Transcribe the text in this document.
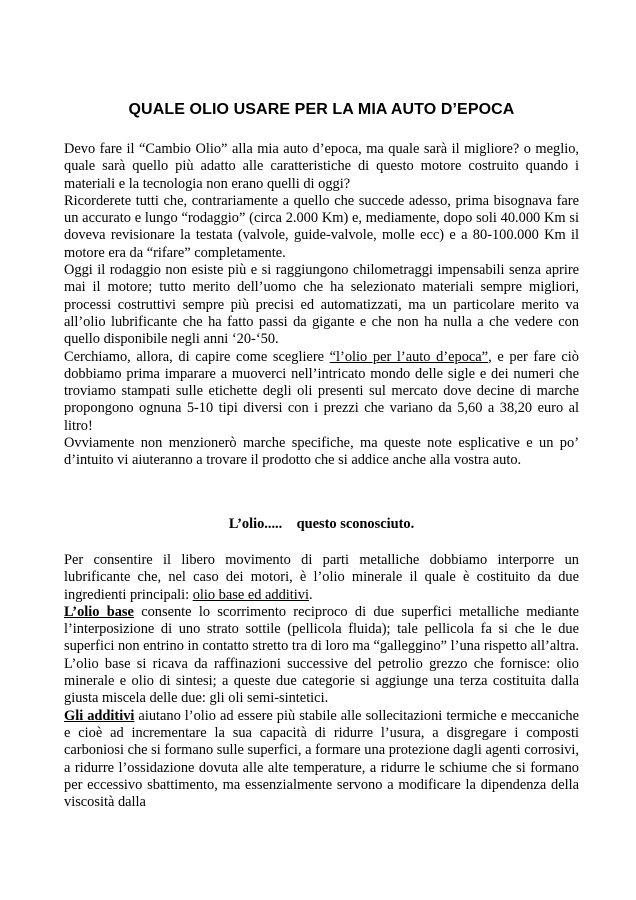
QUALE OLIO USARE PER LA MIA AUTO D’EPOCA

Devo fare il “Cambio Olio” alla mia auto d’epoca, ma quale sarà il migliore? o meglio, quale sarà quello più adatto alle caratteristiche di questo motore costruito quando i materiali e la tecnologia non erano quelli di oggi?

Ricorderete tutti che, contrariamente a quello che succede adesso, prima bisognava fare un accurato e lungo “rodaggio” (circa 2.000 Km) e, mediamente, dopo soli 40.000 Km si doveva revisionare la testata (valvole, guide-valvole, molle ecc) e a 80-100.000 Km il motore era da “rifare” completamente.

Oggi il rodaggio non esiste più e si raggiungono chilometraggi impensabili senza aprire mai il motore; tutto merito dell’uomo che ha selezionato materiali sempre migliori, processi costruttivi sempre più precisi ed automatizzati, ma un particolare merito va all’olio lubrificante che ha fatto passi da gigante e che non ha nulla a che vedere con quello disponibile negli anni ‘20-‘50.

Cerchiamo, allora, di capire come scegliere “l’olio per l’auto d’epoca”, e per fare ciò dobbiamo prima imparare a muoverci nell’intricato mondo delle sigle e dei numeri che troviamo stampati sulle etichette degli oli presenti sul mercato dove decine di marche propongono ognuna 5-10 tipi diversi con i prezzi che variano da 5,60 a 38,20 euro al litro!

Ovviamente non menzionerò marche specifiche, ma queste note esplicative e un po’ d’intuito vi aiuteranno a trovare il prodotto che si addice anche alla vostra auto.

L’olio.....    questo sconosciuto.

Per consentire il libero movimento di parti metalliche dobbiamo interporre un lubrificante che, nel caso dei motori, è l’olio minerale il quale è costituito da due ingredienti principali: olio base ed additivi.

L’olio base consente lo scorrimento reciproco di due superfici metalliche mediante l’interposizione di uno strato sottile (pellicola fluida); tale pellicola fa si che le due superfici non entrino in contatto stretto tra di loro ma “galleggino” l’una rispetto all’altra. L’olio base si ricava da raffinazioni successive del petrolio grezzo che fornisce: olio minerale e olio di sintesi; a queste due categorie si aggiunge una terza costituita dalla giusta miscela delle due: gli oli semi-sintetici.

Gli additivi aiutano l’olio ad essere più stabile alle sollecitazioni termiche e meccaniche e cioè ad incrementare la sua capacità di ridurre l’usura, a disgregare i composti carboniosi che si formano sulle superfici, a formare una protezione dagli agenti corrosivi, a ridurre l’ossidazione dovuta alle alte temperature, a ridurre le schiume che si formano per eccessivo sbattimento, ma essenzialmente servono a modificare la dipendenza della viscosità dalla
